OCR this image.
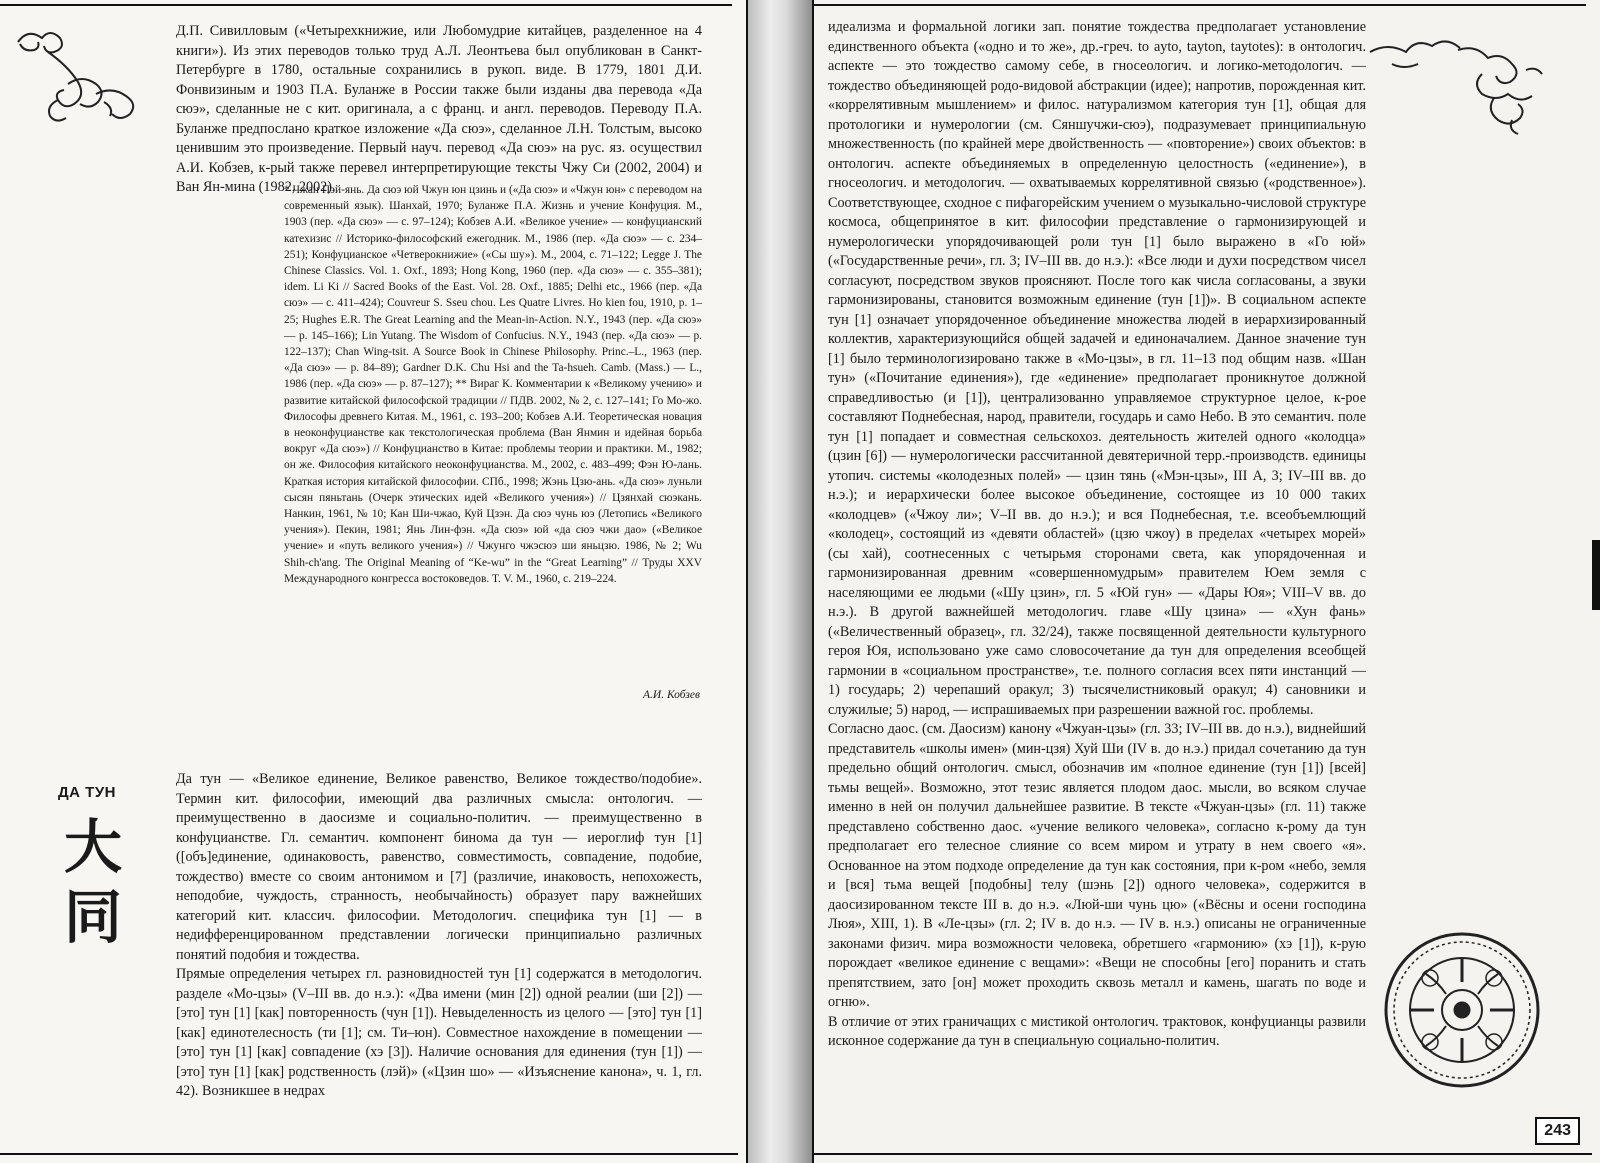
Д.П. Сивилловым («Четырехкнижие, или Любомудрие китайцев, разделенное на 4 книги»). Из этих переводов только труд А.Л. Леонтьева был опубликован в Санкт-Петербурге в 1780, остальные сохранились в рукоп. виде. В 1779, 1801 Д.И. Фонвизиным и 1903 П.А. Буланже в России также были изданы два перевода «Да сюэ», сделанные не с кит. оригинала, а с франц. и англ. переводов. Переводу П.А. Буланже предпослано краткое изложение «Да сюэ», сделанное Л.Н. Толстым, высоко ценившим это произведение. Первый науч. перевод «Да сюэ» на рус. яз. осуществил А.И. Кобзев, к-рый также перевел интерпретирующие тексты Чжу Си (2002, 2004) и Ван Ян-мина (1982, 2002).

* Чжан Пэй-янь. Да сюэ юй Чжун юн цзинь и («Да сюэ» и «Чжун юн» с переводом на современный язык). Шанхай, 1970; Буланже П.А. Жизнь и учение Конфуция. М., 1903 (пер. «Да сюэ» — с. 97–124); Кобзев А.И. «Великое учение» — конфуцианский катехизис // Историко-философский ежегодник. М., 1986 (пер. «Да сюэ» — с. 234–251); Конфуцианское «Четверокнижие» («Сы шу»). М., 2004, с. 71–122; Legge J. The Chinese Classics. Vol. 1. Oxf., 1893; Hong Kong, 1960 (пер. «Да сюэ» — с. 355–381); idem. Li Ki // Sacred Books of the East. Vol. 28. Oxf., 1885; Delhi etc., 1966 (пер. «Да сюэ» — с. 411–424); Couvreur S. Sseu chou. Les Quatre Livres. Ho kien fou, 1910, p. 1–25; Hughes E.R. The Great Learning and the Mean-in-Action. N.Y., 1943 (пер. «Да сюэ» — p. 145–166); Lin Yutang. The Wisdom of Confucius. N.Y., 1943 (пер. «Да сюэ» — p. 122–137); Chan Wing-tsit. A Source Book in Chinese Philosophy. Princ.–L., 1963 (пер. «Да сюэ» — p. 84–89); Gardner D.K. Chu Hsi and the Ta-hsueh. Camb. (Mass.) — L., 1986 (пер. «Да сюэ» — p. 87–127); ** Вираг К. Комментарии к «Великому учению» и развитие китайской философской традиции // ПДВ. 2002, № 2, с. 127–141; Го Мо-жо. Философы древнего Китая. М., 1961, с. 193–200; Кобзев А.И. Теоретическая новация в неоконфуцианстве как текстологическая проблема (Ван Янмин и идейная борьба вокруг «Да сюэ») // Конфуцианство в Китае: проблемы теории и практики. М., 1982; он же. Философия китайского неоконфуцианства. М., 2002, с. 483–499; Фэн Ю-лань. Краткая история китайской философии. СПб., 1998; Жэнь Цзю-ань. «Да сюэ» луньли сысян пяньтань (Очерк этических идей «Великого учения») // Цзянхай сюэкань. Нанкин, 1961, № 10; Кан Ши-чжао, Куй Цзэн. Да сюэ чунь юэ (Летопись «Великого учения»). Пекин, 1981; Янь Лин-фэн. «Да сюэ» юй «да сюэ чжи дао» («Великое учение» и «путь великого учения») // Чжунго чжэсюэ ши яньцзю. 1986, № 2; Wu Shih-ch'ang. The Original Meaning of “Ke-wu” in the “Great Learning” // Труды XXV Международного конгресса востоковедов. Т. V. М., 1960, с. 219–224.

А.И. Кобзев
ДА ТУН
大
同

Да тун — «Великое единение, Великое равенство, Великое тождество/подобие». Термин кит. философии, имеющий два различных смысла: онтологич. — преимущественно в даосизме и социально-политич. — преимущественно в конфуцианстве. Гл. семантич. компонент бинома да тун — иероглиф тун [1] ([объ]единение, одинаковость, равенство, совместимость, совпадение, подобие, тождество) вместе со своим антонимом и [7] (различие, инаковость, непохожесть, неподобие, чуждость, странность, необычайность) образует пару важнейших категорий кит. классич. философии. Методологич. специфика тун [1] — в недифференцированном представлении логически принципиально различных понятий подобия и тождества.

Прямые определения четырех гл. разновидностей тун [1] содержатся в методологич. разделе «Мо-цзы» (V–III вв. до н.э.): «Два имени (мин [2]) одной реалии (ши [2]) — [это] тун [1] [как] повторенность (чун [1]). Невыделенность из целого — [это] тун [1] [как] единотелесность (ти [1]; см. Ти–юн). Совместное нахождение в помещении — [это] тун [1] [как] совпадение (хэ [3]). Наличие основания для единения (тун [1]) — [это] тун [1] [как] родственность (лэй)» («Цзин шо» — «Изъяснение канона», ч. 1, гл. 42). Возникшее в недрах

идеализма и формальной логики зап. понятие тождества предполагает установление единственного объекта («одно и то же», др.-греч. to ayto, tayton, taytotes): в онтологич. аспекте — это тождество самому себе, в гносеологич. и логико-методологич. — тождество объединяющей родо-видовой абстракции (идее); напротив, порожденная кит. «коррелятивным мышлением» и филос. натурализмом категория тун [1], общая для протологики и нумерологии (см. Сяншучжи-сюэ), подразумевает принципиальную множественность (по крайней мере двойственность — «повторение») своих объектов: в онтологич. аспекте объединяемых в определенную целостность («единение»), в гносеологич. и методологич. — охватываемых коррелятивной связью («родственное»). Соответствующее, сходное с пифагорейским учением о музыкально-числовой структуре космоса, общепринятое в кит. философии представление о гармонизирующей и нумерологически упорядочивающей роли тун [1] было выражено в «Го юй» («Государственные речи», гл. 3; IV–III вв. до н.э.): «Все люди и духи посредством чисел согласуют, посредством звуков проясняют. После того как числа согласованы, а звуки гармонизированы, становится возможным единение (тун [1])». В социальном аспекте тун [1] означает упорядоченное объединение множества людей в иерархизированный коллектив, характеризующийся общей задачей и единоначалием. Данное значение тун [1] было терминологизировано также в «Мо-цзы», в гл. 11–13 под общим назв. «Шан тун» («Почитание единения»), где «единение» предполагает проникнутое должной справедливостью (и [1]), централизованно управляемое структурное целое, к-рое составляют Поднебесная, народ, правители, государь и само Небо. В это семантич. поле тун [1] попадает и совместная сельскохоз. деятельность жителей одного «колодца» (цзин [6]) — нумерологически рассчитанной девятеричной терр.-производств. единицы утопич. системы «колодезных полей» — цзин тянь («Мэн-цзы», III А, 3; IV–III вв. до н.э.); и иерархически более высокое объединение, состоящее из 10 000 таких «колодцев» («Чжоу ли»; V–II вв. до н.э.); и вся Поднебесная, т.е. всеобъемлющий «колодец», состоящий из «девяти областей» (цзю чжоу) в пределах «четырех морей» (сы хай), соотнесенных с четырьмя сторонами света, как упорядоченная и гармонизированная древним «совершенномудрым» правителем Юем земля с населяющими ее людьми («Шу цзин», гл. 5 «Юй гун» — «Дары Юя»; VIII–V вв. до н.э.). В другой важнейшей методологич. главе «Шу цзина» — «Хун фань» («Величественный образец», гл. 32/24), также посвященной деятельности культурного героя Юя, использовано уже само словосочетание да тун для определения всеобщей гармонии в «социальном пространстве», т.е. полного согласия всех пяти инстанций — 1) государь; 2) черепаший оракул; 3) тысячелистниковый оракул; 4) сановники и служилые; 5) народ, — испрашиваемых при разрешении важной гос. проблемы.

Согласно даос. (см. Даосизм) канону «Чжуан-цзы» (гл. 33; IV–III вв. до н.э.), виднейший представитель «школы имен» (мин-цзя) Хуй Ши (IV в. до н.э.) придал сочетанию да тун предельно общий онтологич. смысл, обозначив им «полное единение (тун [1]) [всей] тьмы вещей». Возможно, этот тезис является плодом даос. мысли, во всяком случае именно в ней он получил дальнейшее развитие. В тексте «Чжуан-цзы» (гл. 11) также представлено собственно даос. «учение великого человека», согласно к-рому да тун предполагает его телесное слияние со всем миром и утрату в нем своего «я». Основанное на этом подходе определение да тун как состояния, при к-ром «небо, земля и [вся] тьма вещей [подобны] телу (шэнь [2]) одного человека», содержится в даосизированном тексте III в. до н.э. «Люй-ши чунь цю» («Вёсны и осени господина Люя», XIII, 1). В «Ле-цзы» (гл. 2; IV в. до н.э. — IV в. н.э.) описаны не ограниченные законами физич. мира возможности человека, обретшего «гармонию» (хэ [1]), к-рую порождает «великое единение с вещами»: «Вещи не способны [его] поранить и стать препятствием, зато [он] может проходить сквозь металл и камень, шагать по воде и огню».

В отличие от этих граничащих с мистикой онтологич. трактовок, конфуцианцы развили исконное содержание да тун в специальную социально-политич.

243
